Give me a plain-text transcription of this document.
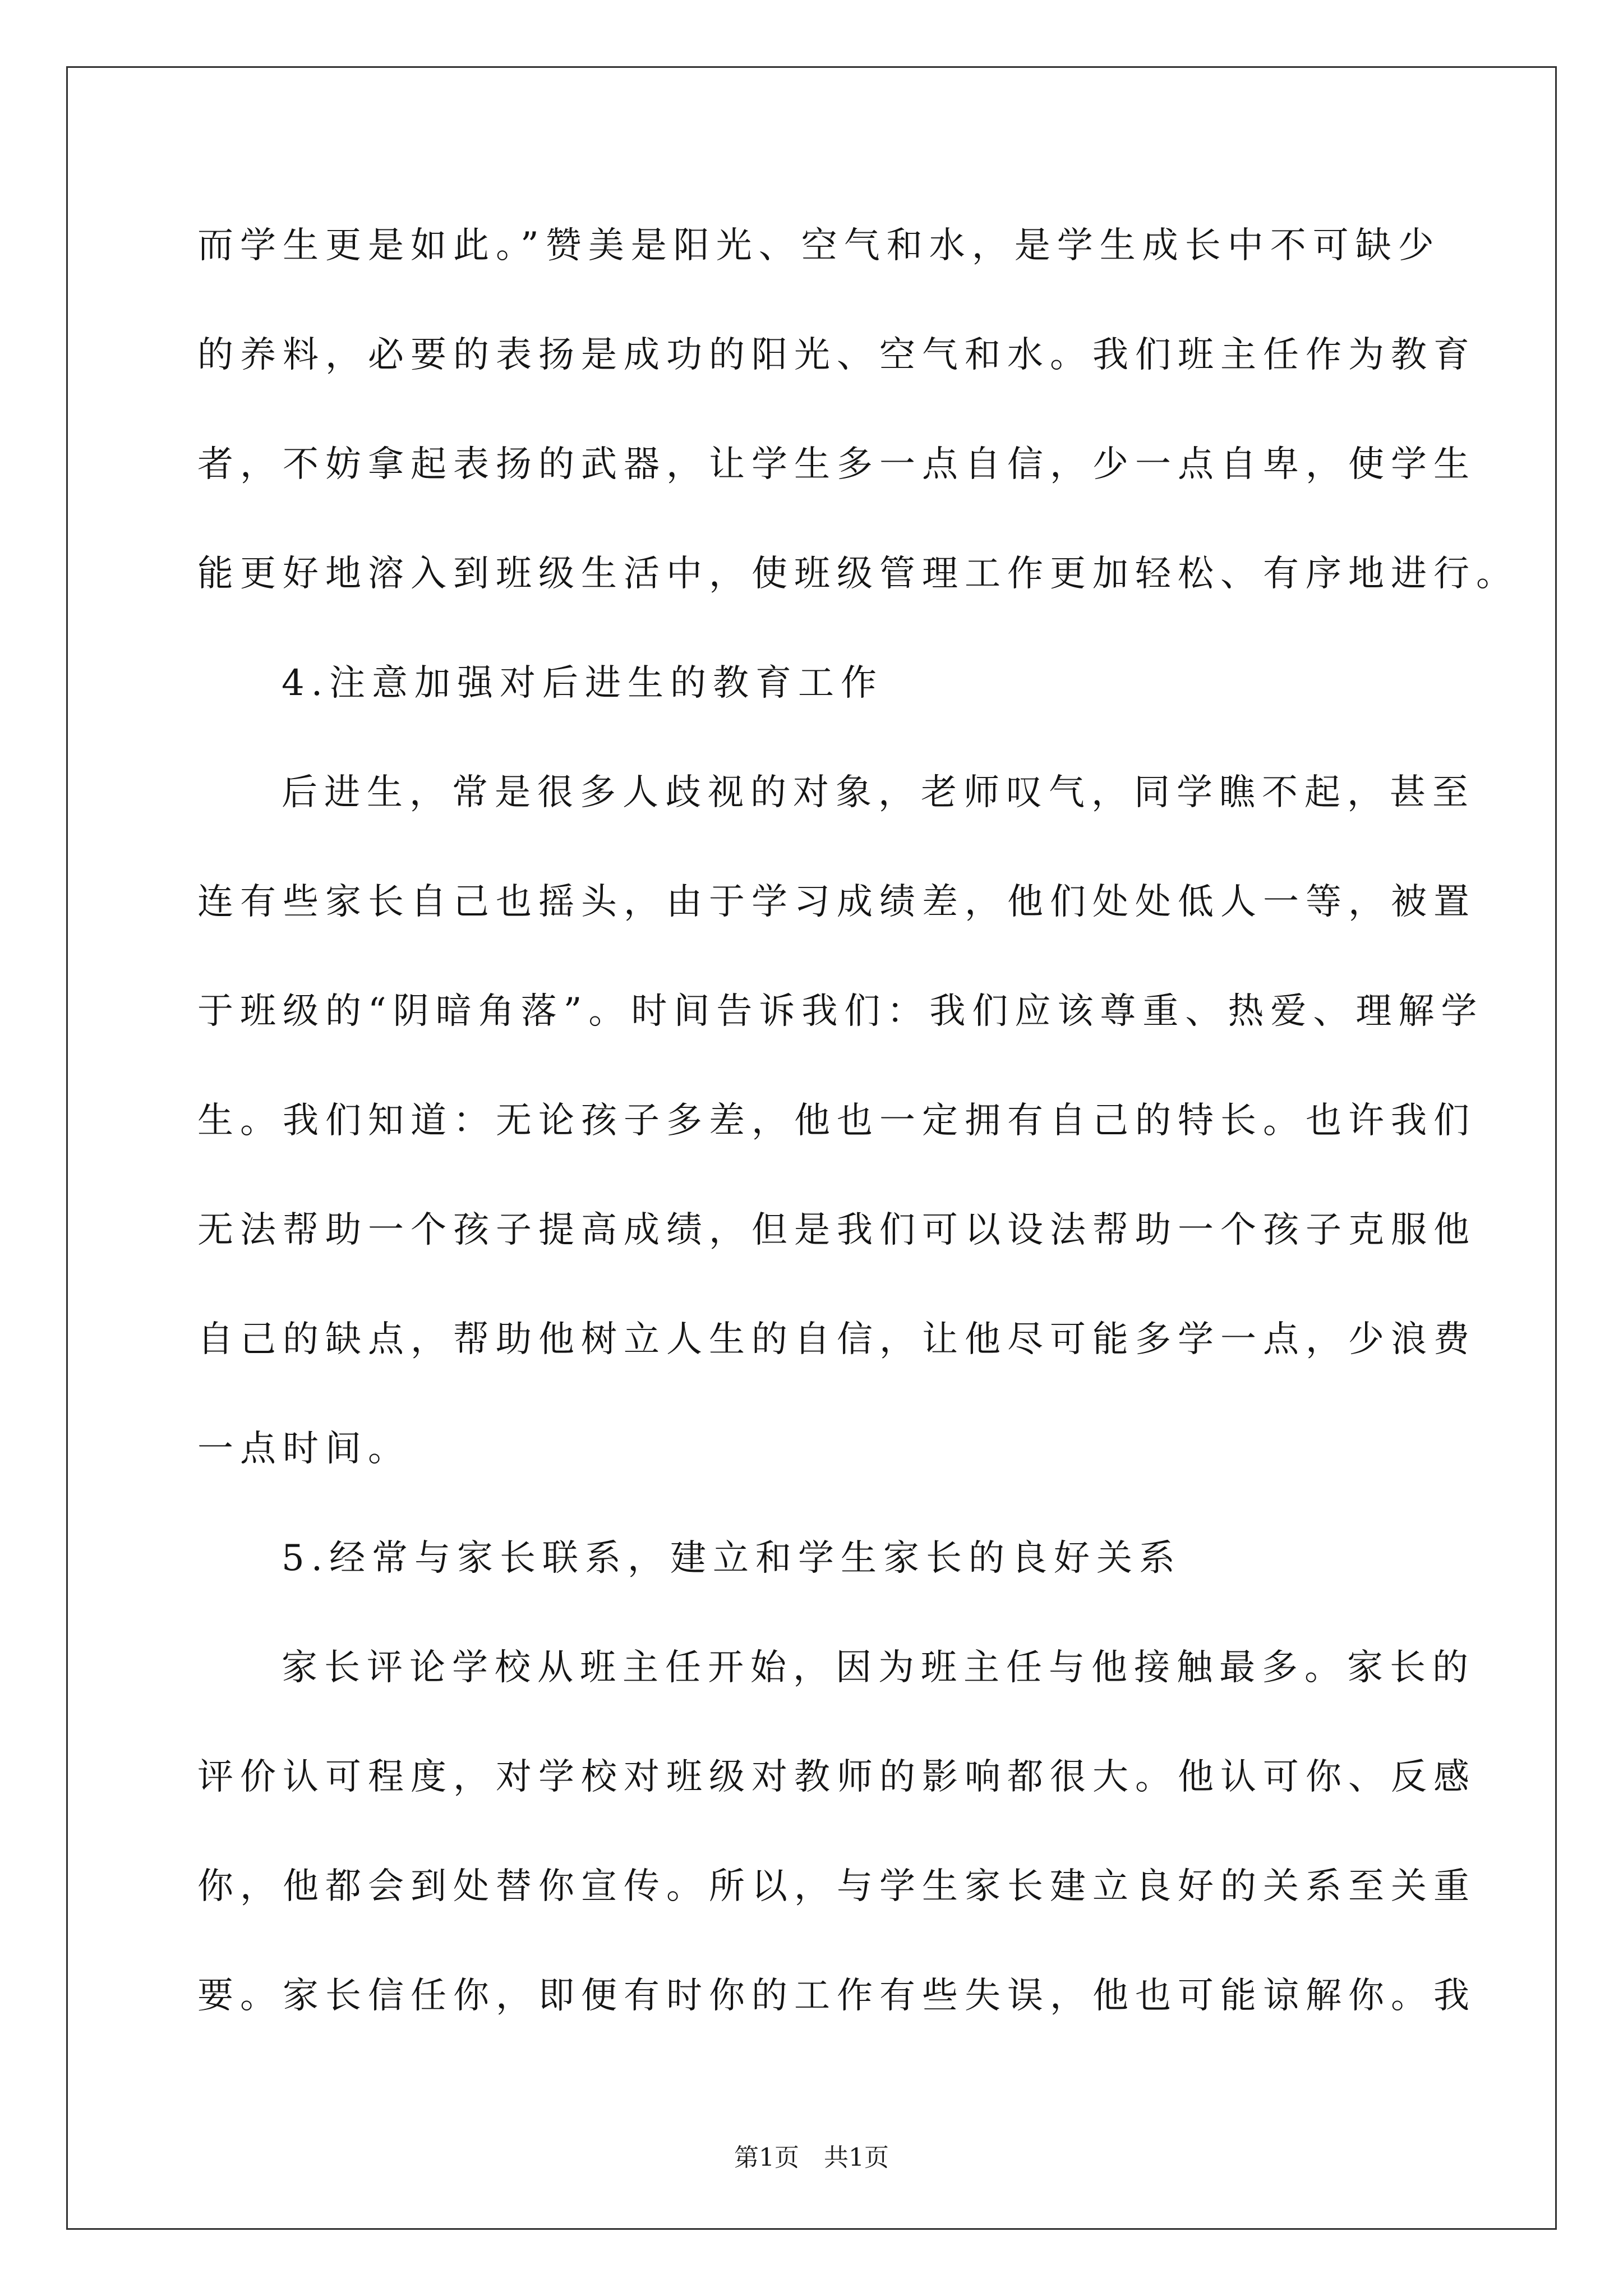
而学生更是如此。”赞美是阳光、空气和水，是学生成长中不可缺少
的养料，必要的表扬是成功的阳光、空气和水。我们班主任作为教育
者，不妨拿起表扬的武器，让学生多一点自信，少一点自卑，使学生
能更好地溶入到班级生活中，使班级管理工作更加轻松、有序地进行。
4.注意加强对后进生的教育工作
后进生，常是很多人歧视的对象，老师叹气，同学瞧不起，甚至
连有些家长自己也摇头，由于学习成绩差，他们处处低人一等，被置
于班级的“阴暗角落”。时间告诉我们：我们应该尊重、热爱、理解学
生。我们知道：无论孩子多差，他也一定拥有自己的特长。也许我们
无法帮助一个孩子提高成绩，但是我们可以设法帮助一个孩子克服他
自己的缺点，帮助他树立人生的自信，让他尽可能多学一点，少浪费
一点时间。
5.经常与家长联系，建立和学生家长的良好关系
家长评论学校从班主任开始，因为班主任与他接触最多。家长的
评价认可程度，对学校对班级对教师的影响都很大。他认可你、反感
你，他都会到处替你宣传。所以，与学生家长建立良好的关系至关重
要。家长信任你，即便有时你的工作有些失误，他也可能谅解你。我
第1页　共1页
